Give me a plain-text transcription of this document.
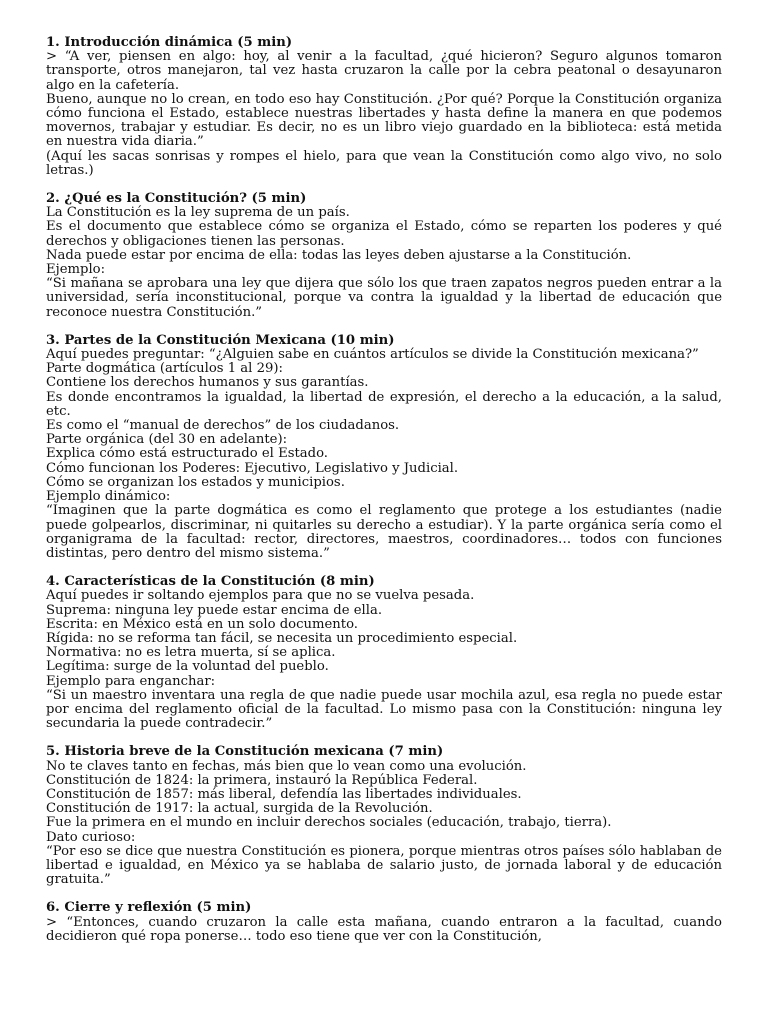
1. Introducción dinámica (5 min)

> “A ver, piensen en algo: hoy, al venir a la facultad, ¿qué hicieron? Seguro algunos tomaron transporte, otros manejaron, tal vez hasta cruzaron la calle por la cebra peatonal o desayunaron algo en la cafetería.

Bueno, aunque no lo crean, en todo eso hay Constitución. ¿Por qué? Porque la Constitución organiza cómo funciona el Estado, establece nuestras libertades y hasta define la manera en que podemos movernos, trabajar y estudiar. Es decir, no es un libro viejo guardado en la biblioteca: está metida en nuestra vida diaria.”

(Aquí les sacas sonrisas y rompes el hielo, para que vean la Constitución como algo vivo, no solo letras.)

2. ¿Qué es la Constitución? (5 min)

La Constitución es la ley suprema de un país.

Es el documento que establece cómo se organiza el Estado, cómo se reparten los poderes y qué derechos y obligaciones tienen las personas.

Nada puede estar por encima de ella: todas las leyes deben ajustarse a la Constitución.

Ejemplo:

“Si mañana se aprobara una ley que dijera que sólo los que traen zapatos negros pueden entrar a la universidad, sería inconstitucional, porque va contra la igualdad y la libertad de educación que reconoce nuestra Constitución.”

3. Partes de la Constitución Mexicana (10 min)

Aquí puedes preguntar: “¿Alguien sabe en cuántos artículos se divide la Constitución mexicana?”

Parte dogmática (artículos 1 al 29):

Contiene los derechos humanos y sus garantías.

Es donde encontramos la igualdad, la libertad de expresión, el derecho a la educación, a la salud, etc.

Es como el “manual de derechos” de los ciudadanos.

Parte orgánica (del 30 en adelante):

Explica cómo está estructurado el Estado.

Cómo funcionan los Poderes: Ejecutivo, Legislativo y Judicial.

Cómo se organizan los estados y municipios.

Ejemplo dinámico:

“Imaginen que la parte dogmática es como el reglamento que protege a los estudiantes (nadie puede golpearlos, discriminar, ni quitarles su derecho a estudiar). Y la parte orgánica sería como el organigrama de la facultad: rector, directores, maestros, coordinadores… todos con funciones distintas, pero dentro del mismo sistema.”

4. Características de la Constitución (8 min)

Aquí puedes ir soltando ejemplos para que no se vuelva pesada.

Suprema: ninguna ley puede estar encima de ella.

Escrita: en México está en un solo documento.

Rígida: no se reforma tan fácil, se necesita un procedimiento especial.

Normativa: no es letra muerta, sí se aplica.

Legítima: surge de la voluntad del pueblo.

Ejemplo para enganchar:

“Si un maestro inventara una regla de que nadie puede usar mochila azul, esa regla no puede estar por encima del reglamento oficial de la facultad. Lo mismo pasa con la Constitución: ninguna ley secundaria la puede contradecir.”

5. Historia breve de la Constitución mexicana (7 min)

No te claves tanto en fechas, más bien que lo vean como una evolución.

Constitución de 1824: la primera, instauró la República Federal.

Constitución de 1857: más liberal, defendía las libertades individuales.

Constitución de 1917: la actual, surgida de la Revolución.

Fue la primera en el mundo en incluir derechos sociales (educación, trabajo, tierra).

Dato curioso:

“Por eso se dice que nuestra Constitución es pionera, porque mientras otros países sólo hablaban de libertad e igualdad, en México ya se hablaba de salario justo, de jornada laboral y de educación gratuita.”

6. Cierre y reflexión (5 min)

> “Entonces, cuando cruzaron la calle esta mañana, cuando entraron a la facultad, cuando decidieron qué ropa ponerse… todo eso tiene que ver con la Constitución,
